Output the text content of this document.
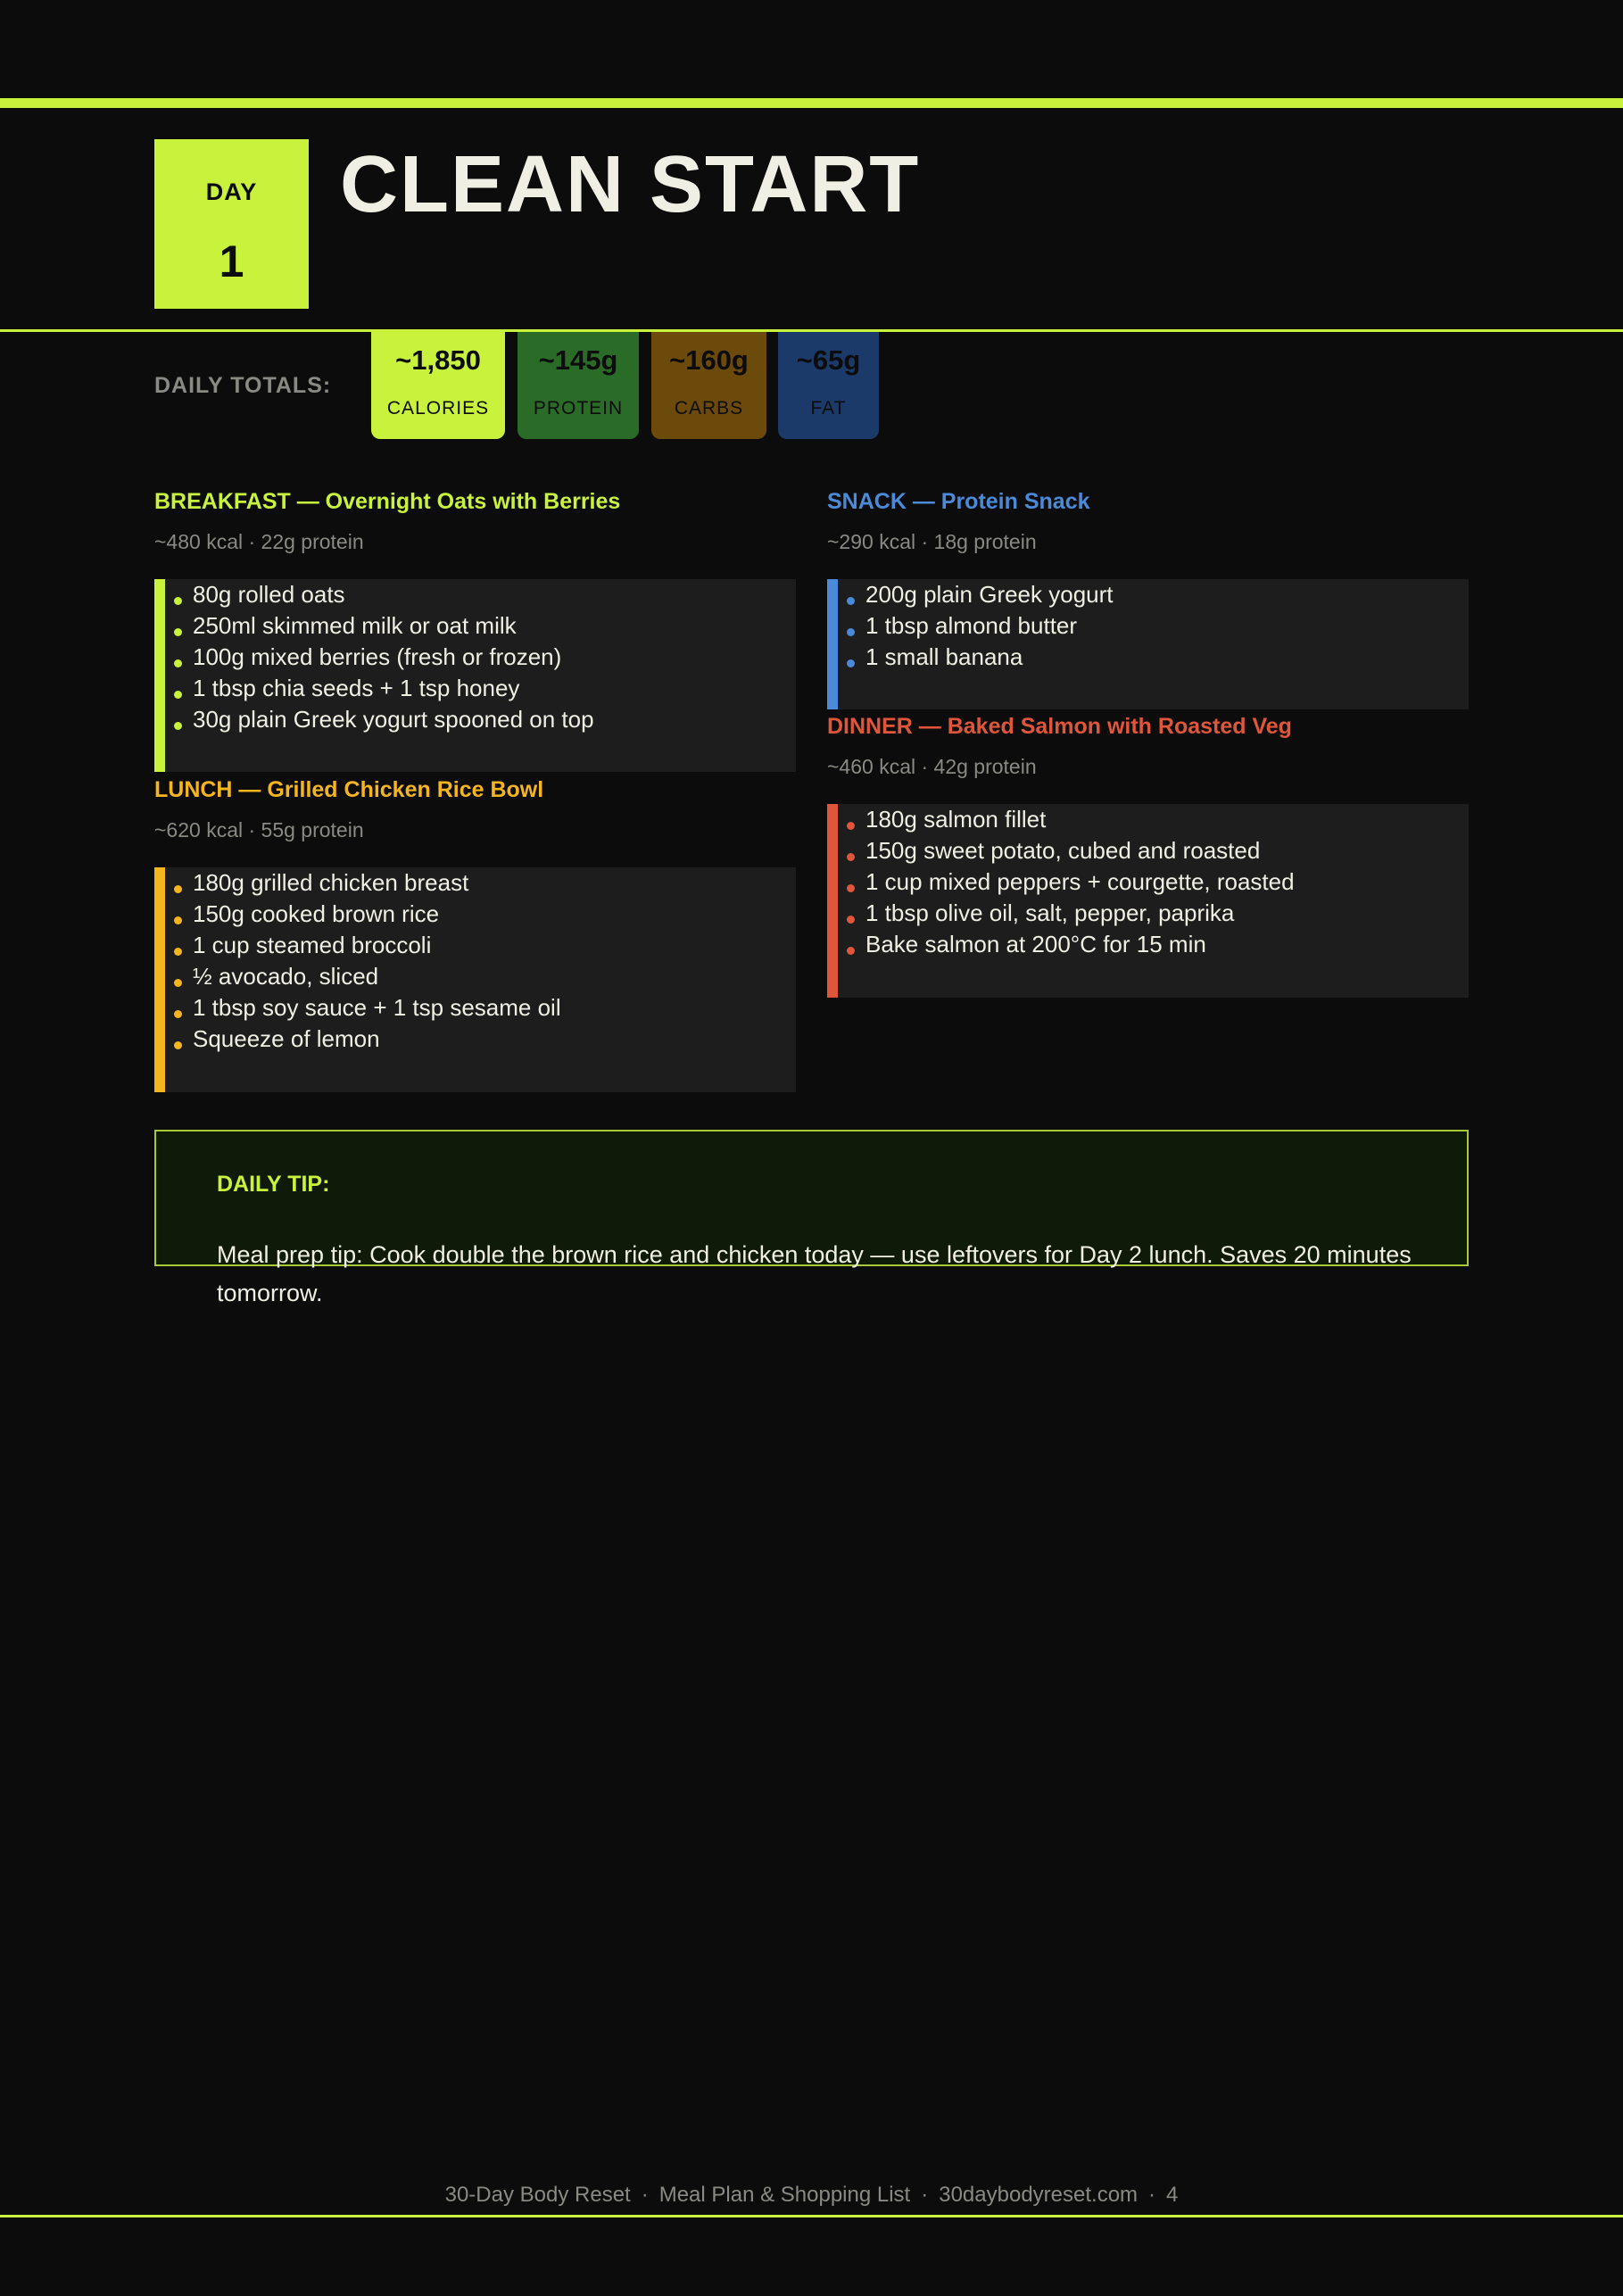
DAY
1
CLEAN START
DAILY TOTALS:
~1,850
CALORIES
~145g
PROTEIN
~160g
CARBS
~65g
FAT
BREAKFAST — Overnight Oats with Berries
~480 kcal · 22g protein
80g rolled oats
250ml skimmed milk or oat milk
100g mixed berries (fresh or frozen)
1 tbsp chia seeds + 1 tsp honey
30g plain Greek yogurt spooned on top
LUNCH — Grilled Chicken Rice Bowl
~620 kcal · 55g protein
180g grilled chicken breast
150g cooked brown rice
1 cup steamed broccoli
½ avocado, sliced
1 tbsp soy sauce + 1 tsp sesame oil
Squeeze of lemon
SNACK — Protein Snack
~290 kcal · 18g protein
200g plain Greek yogurt
1 tbsp almond butter
1 small banana
DINNER — Baked Salmon with Roasted Veg
~460 kcal · 42g protein
180g salmon fillet
150g sweet potato, cubed and roasted
1 cup mixed peppers + courgette, roasted
1 tbsp olive oil, salt, pepper, paprika
Bake salmon at 200°C for 15 min
DAILY TIP:
Meal prep tip: Cook double the brown rice and chicken today — use leftovers for Day 2 lunch. Saves 20 minutes tomorrow.
30-Day Body Reset · Meal Plan & Shopping List · 30daybodyreset.com · 4
